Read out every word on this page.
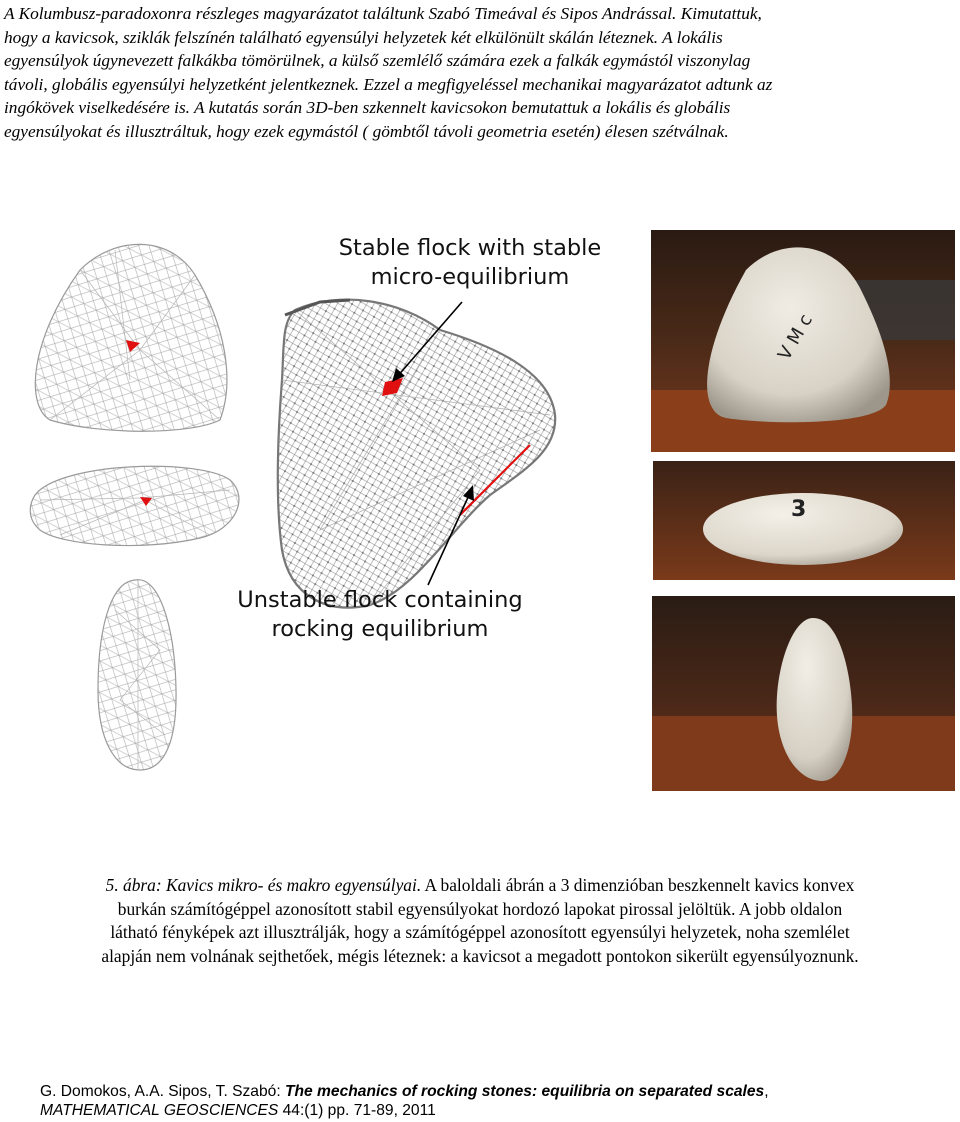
A Kolumbusz-paradoxonra részleges magyarázatot találtunk Szabó Timeával és Sipos Andrással. Kimutattuk,
hogy a kavicsok, sziklák felszínén található egyensúlyi helyzetek két elkülönült skálán léteznek. A lokális
egyensúlyok úgynevezett falkákba tömörülnek, a külső szemlélő számára ezek a falkák egymástól viszonylag
távoli, globális egyensúlyi helyzetként jelentkeznek. Ezzel a megfigyeléssel mechanikai magyarázatot adtunk az
ingókövek viselkedésére is. A kutatás során 3D-ben szkennelt kavicsokon bemutattuk a lokális és globális
egyensúlyokat és illusztráltuk, hogy ezek egymástól ( gömbtől távoli geometria esetén) élesen szétválnak.
Stable flock with stable
micro-equilibrium
Unstable flock containing
rocking equilibrium
V M c
3
5. ábra: Kavics mikro- és makro egyensúlyai. A baloldali ábrán a 3 dimenzióban beszkennelt kavics konvex
burkán számítógéppel azonosított stabil egyensúlyokat hordozó lapokat pirossal jelöltük. A jobb oldalon
látható fényképek azt illusztrálják, hogy a számítógéppel azonosított egyensúlyi helyzetek, noha szemlélet
alapján nem volnának sejthetőek, mégis léteznek: a kavicsot a megadott pontokon sikerült egyensúlyoznunk.
G. Domokos, A.A. Sipos, T. Szabó: The mechanics of rocking stones: equilibria on separated scales,
MATHEMATICAL GEOSCIENCES 44:(1) pp. 71-89, 2011
